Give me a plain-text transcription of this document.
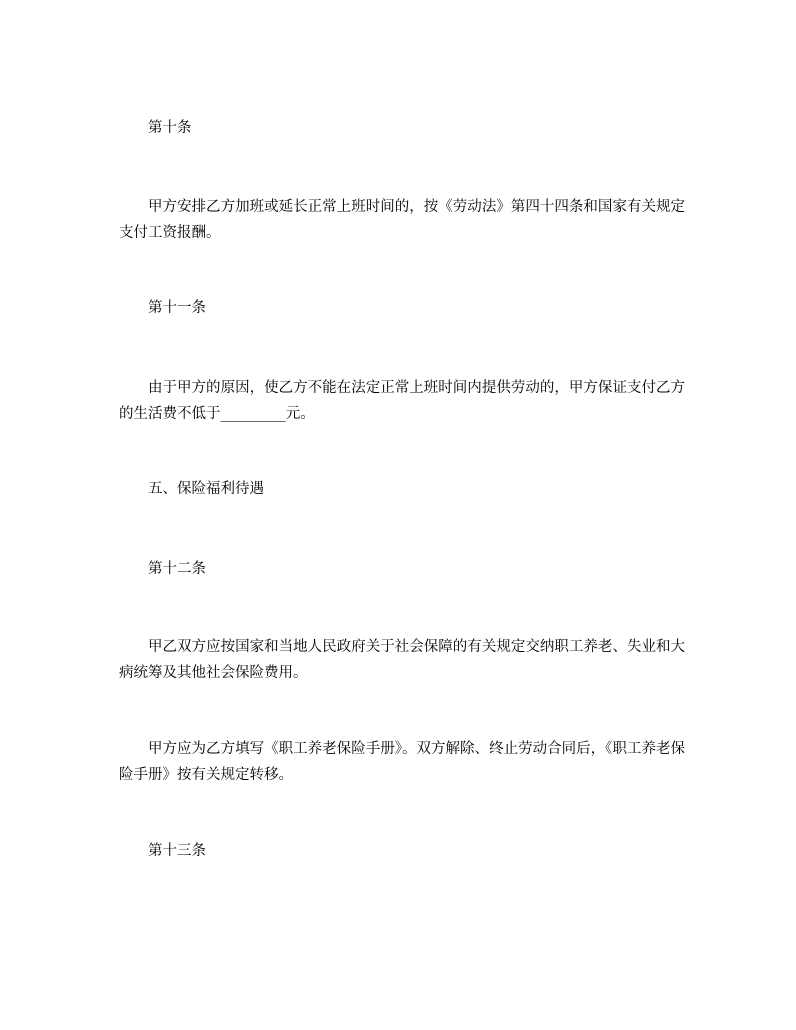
第十条

甲方安排乙方加班或延长正常上班时间的，按《劳动法》第四十四条和国家有关规定支付工资报酬。

第十一条

由于甲方的原因，使乙方不能在法定正常上班时间内提供劳动的，甲方保证支付乙方的生活费不低于_________元。

五、保险福利待遇

第十二条

甲乙双方应按国家和当地人民政府关于社会保障的有关规定交纳职工养老、失业和大病统筹及其他社会保险费用。

甲方应为乙方填写《职工养老保险手册》。双方解除、终止劳动合同后，《职工养老保险手册》按有关规定转移。

第十三条
